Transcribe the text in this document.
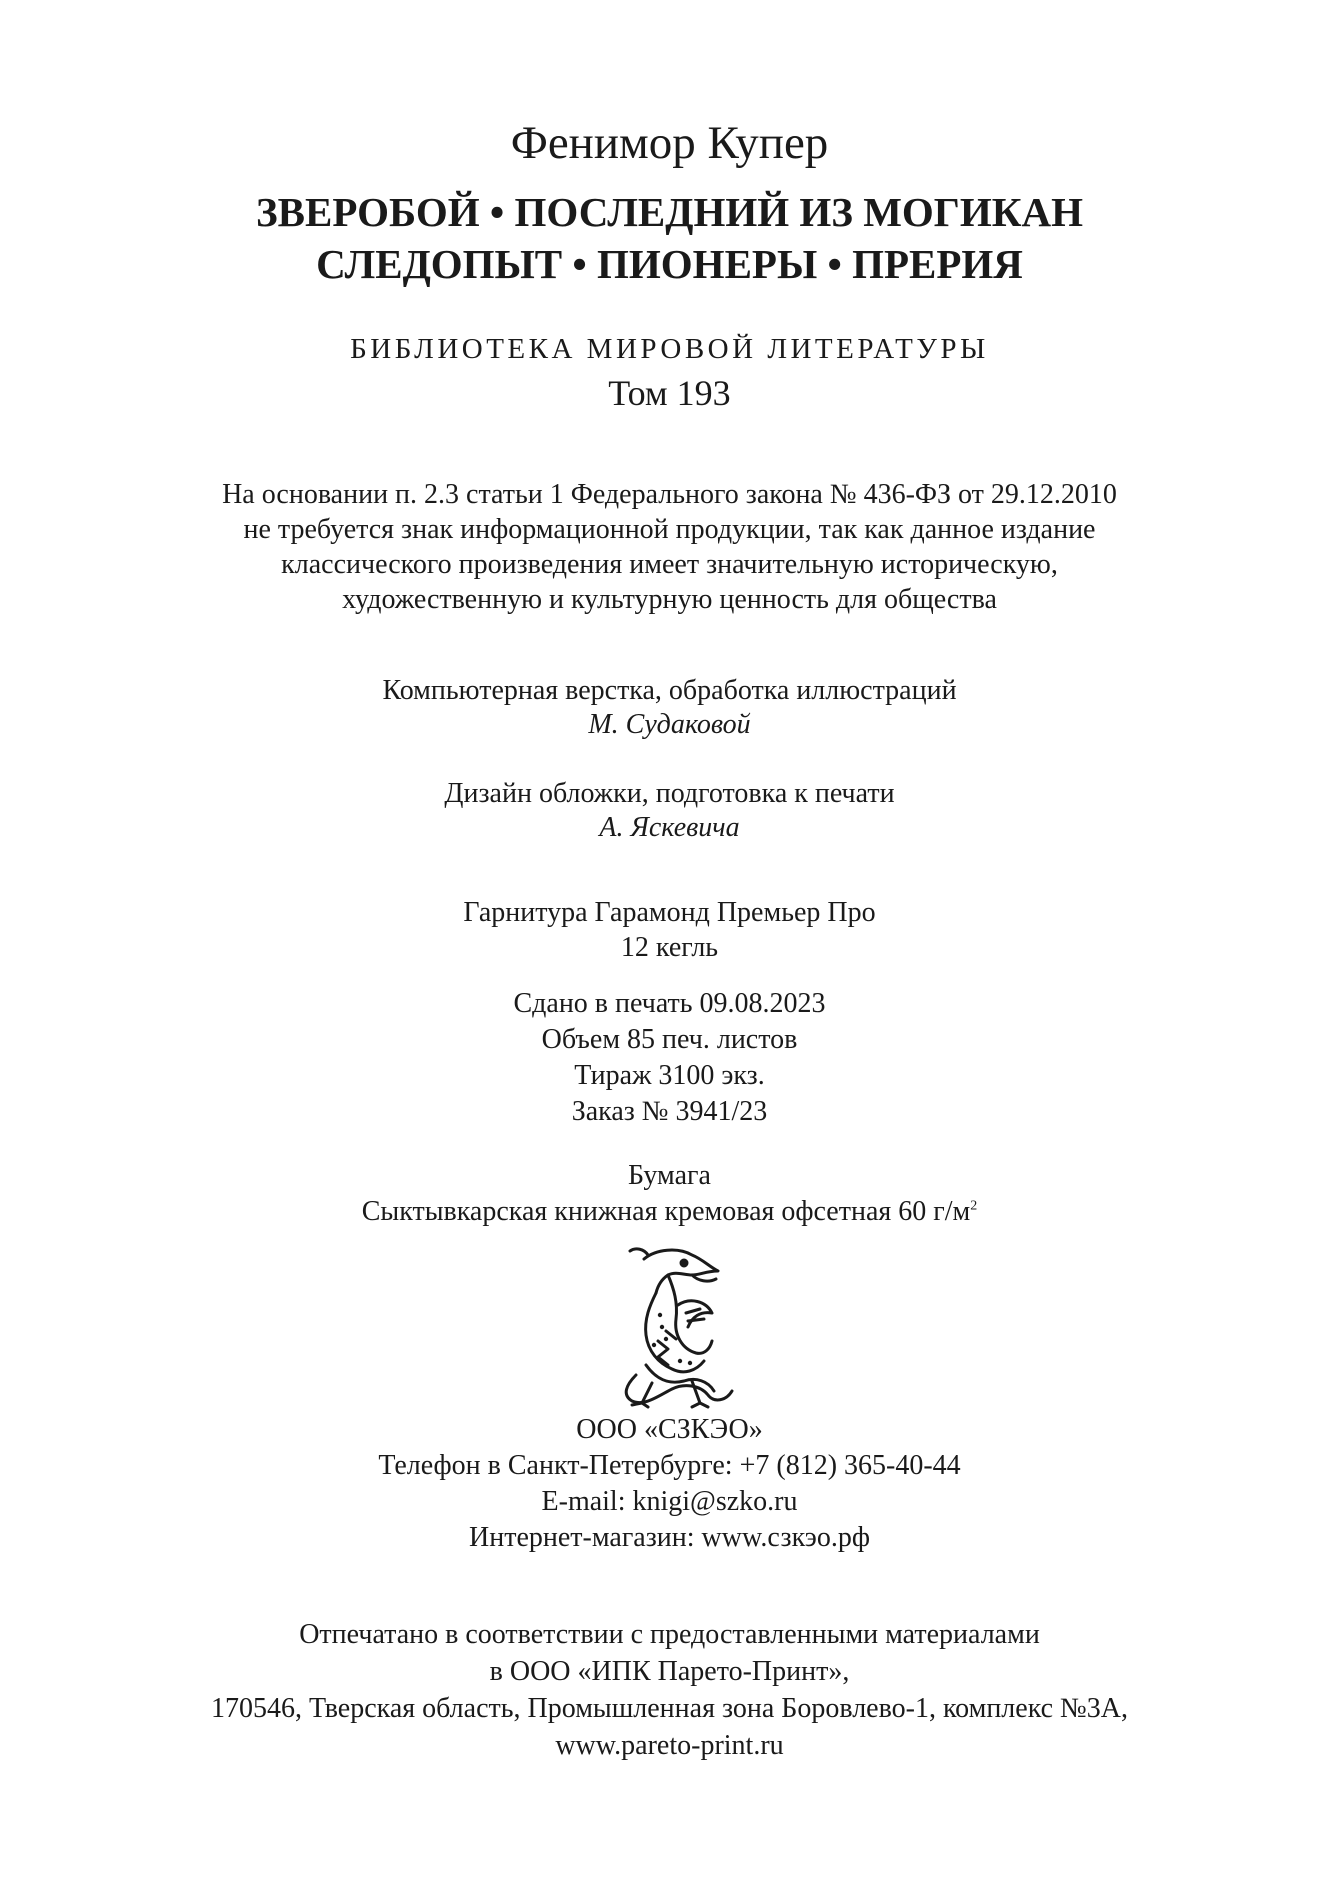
Фенимор Купер
ЗВЕРОБОЙ • ПОСЛЕДНИЙ ИЗ МОГИКАН
СЛЕДОПЫТ • ПИОНЕРЫ • ПРЕРИЯ
БИБЛИОТЕКА МИРОВОЙ ЛИТЕРАТУРЫ
Том 193
На основании п. 2.3 статьи 1 Федерального закона № 436-ФЗ от 29.12.2010
не требуется знак информационной продукции, так как данное издание
классического произведения имеет значительную историческую,
художественную и культурную ценность для общества
Компьютерная верстка, обработка иллюстраций
М. Судаковой
Дизайн обложки, подготовка к печати
А. Яскевича
Гарнитура Гарамонд Премьер Про
12 кегль
Сдано в печать 09.08.2023
Объем 85 печ. листов
Тираж 3100 экз.
Заказ № 3941/23
Бумага
Сыктывкарская книжная кремовая офсетная 60 $г/м^2$
ООО «СЗКЭО»
Телефон в Санкт-Петербурге: +7 (812) 365-40-44
E-mail: knigi@szko.ru
Интернет-магазин: www.сзкэо.рф
Отпечатано в соответствии с предоставленными материалами
в ООО «ИПК Парето-Принт»,
170546, Тверская область, Промышленная зона Боровлево-1, комплекс №3А,
www.pareto-print.ru
